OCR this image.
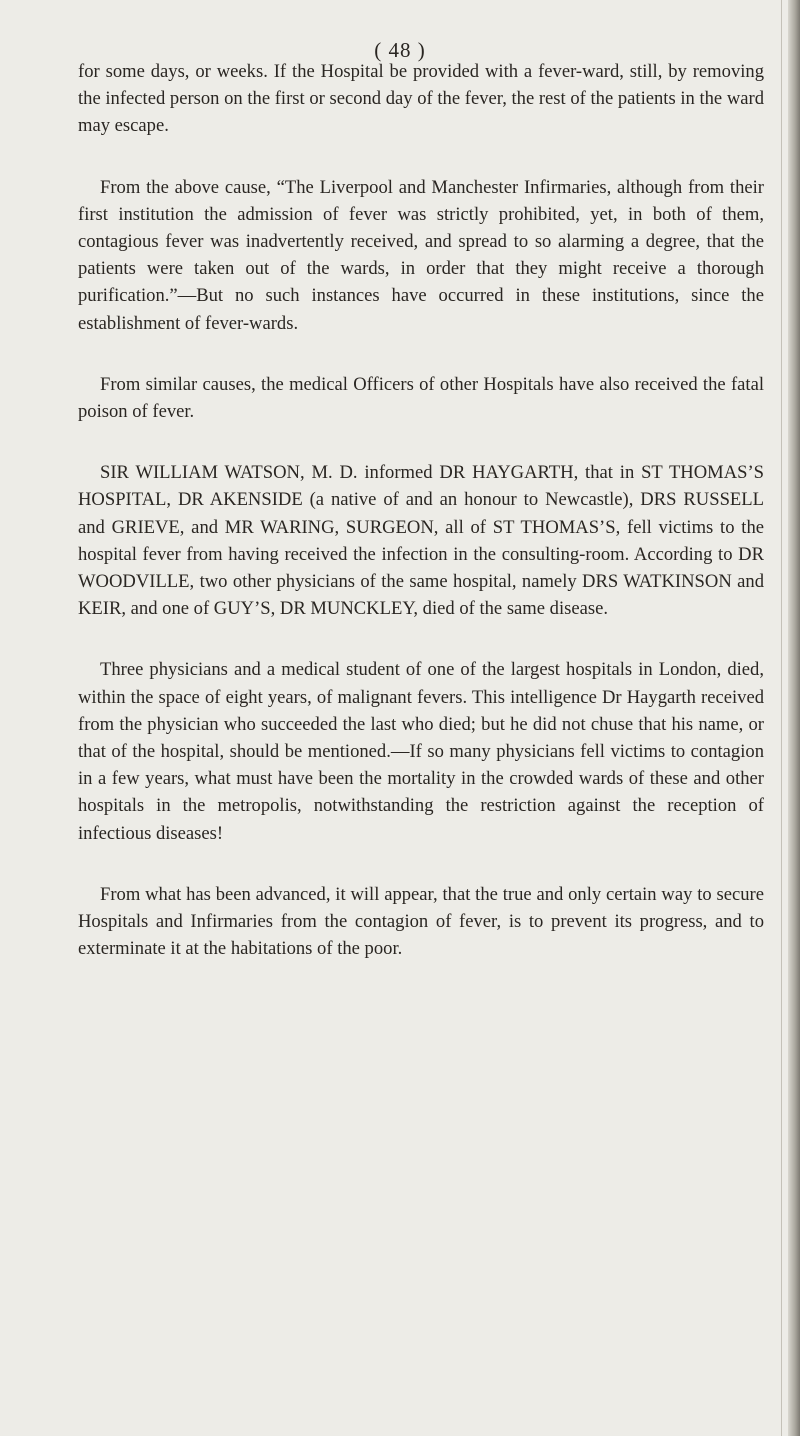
( 48 )

for some days, or weeks. If the Hospital be provided with a fever-ward, still, by removing the infected person on the first or second day of the fever, the rest of the patients in the ward may escape.

From the above cause, “The Liverpool and Manchester Infirmaries, although from their first institution the admission of fever was strictly prohibited, yet, in both of them, contagious fever was inadvertently received, and spread to so alarming a degree, that the patients were taken out of the wards, in order that they might receive a thorough purification.”—But no such instances have occurred in these institutions, since the establishment of fever-wards.

From similar causes, the medical Officers of other Hospitals have also received the fatal poison of fever.

SIR WILLIAM WATSON, M. D. informed DR HAYGARTH, that in ST THOMAS’S HOSPITAL, DR AKENSIDE (a native of and an honour to Newcastle), DRS RUSSELL and GRIEVE, and MR WARING, SURGEON, all of ST THOMAS’S, fell victims to the hospital fever from having received the infection in the consulting-room. According to DR WOODVILLE, two other physicians of the same hospital, namely DRS WATKINSON and KEIR, and one of GUY’S, DR MUNCKLEY, died of the same disease.

Three physicians and a medical student of one of the largest hospitals in London, died, within the space of eight years, of malignant fevers. This intelligence Dr Haygarth received from the physician who succeeded the last who died; but he did not chuse that his name, or that of the hospital, should be mentioned.—If so many physicians fell victims to contagion in a few years, what must have been the mortality in the crowded wards of these and other hospitals in the metropolis, notwithstanding the restriction against the reception of infectious diseases!

From what has been advanced, it will appear, that the true and only certain way to secure Hospitals and Infirmaries from the contagion of fever, is to prevent its progress, and to exterminate it at the habitations of the poor.
